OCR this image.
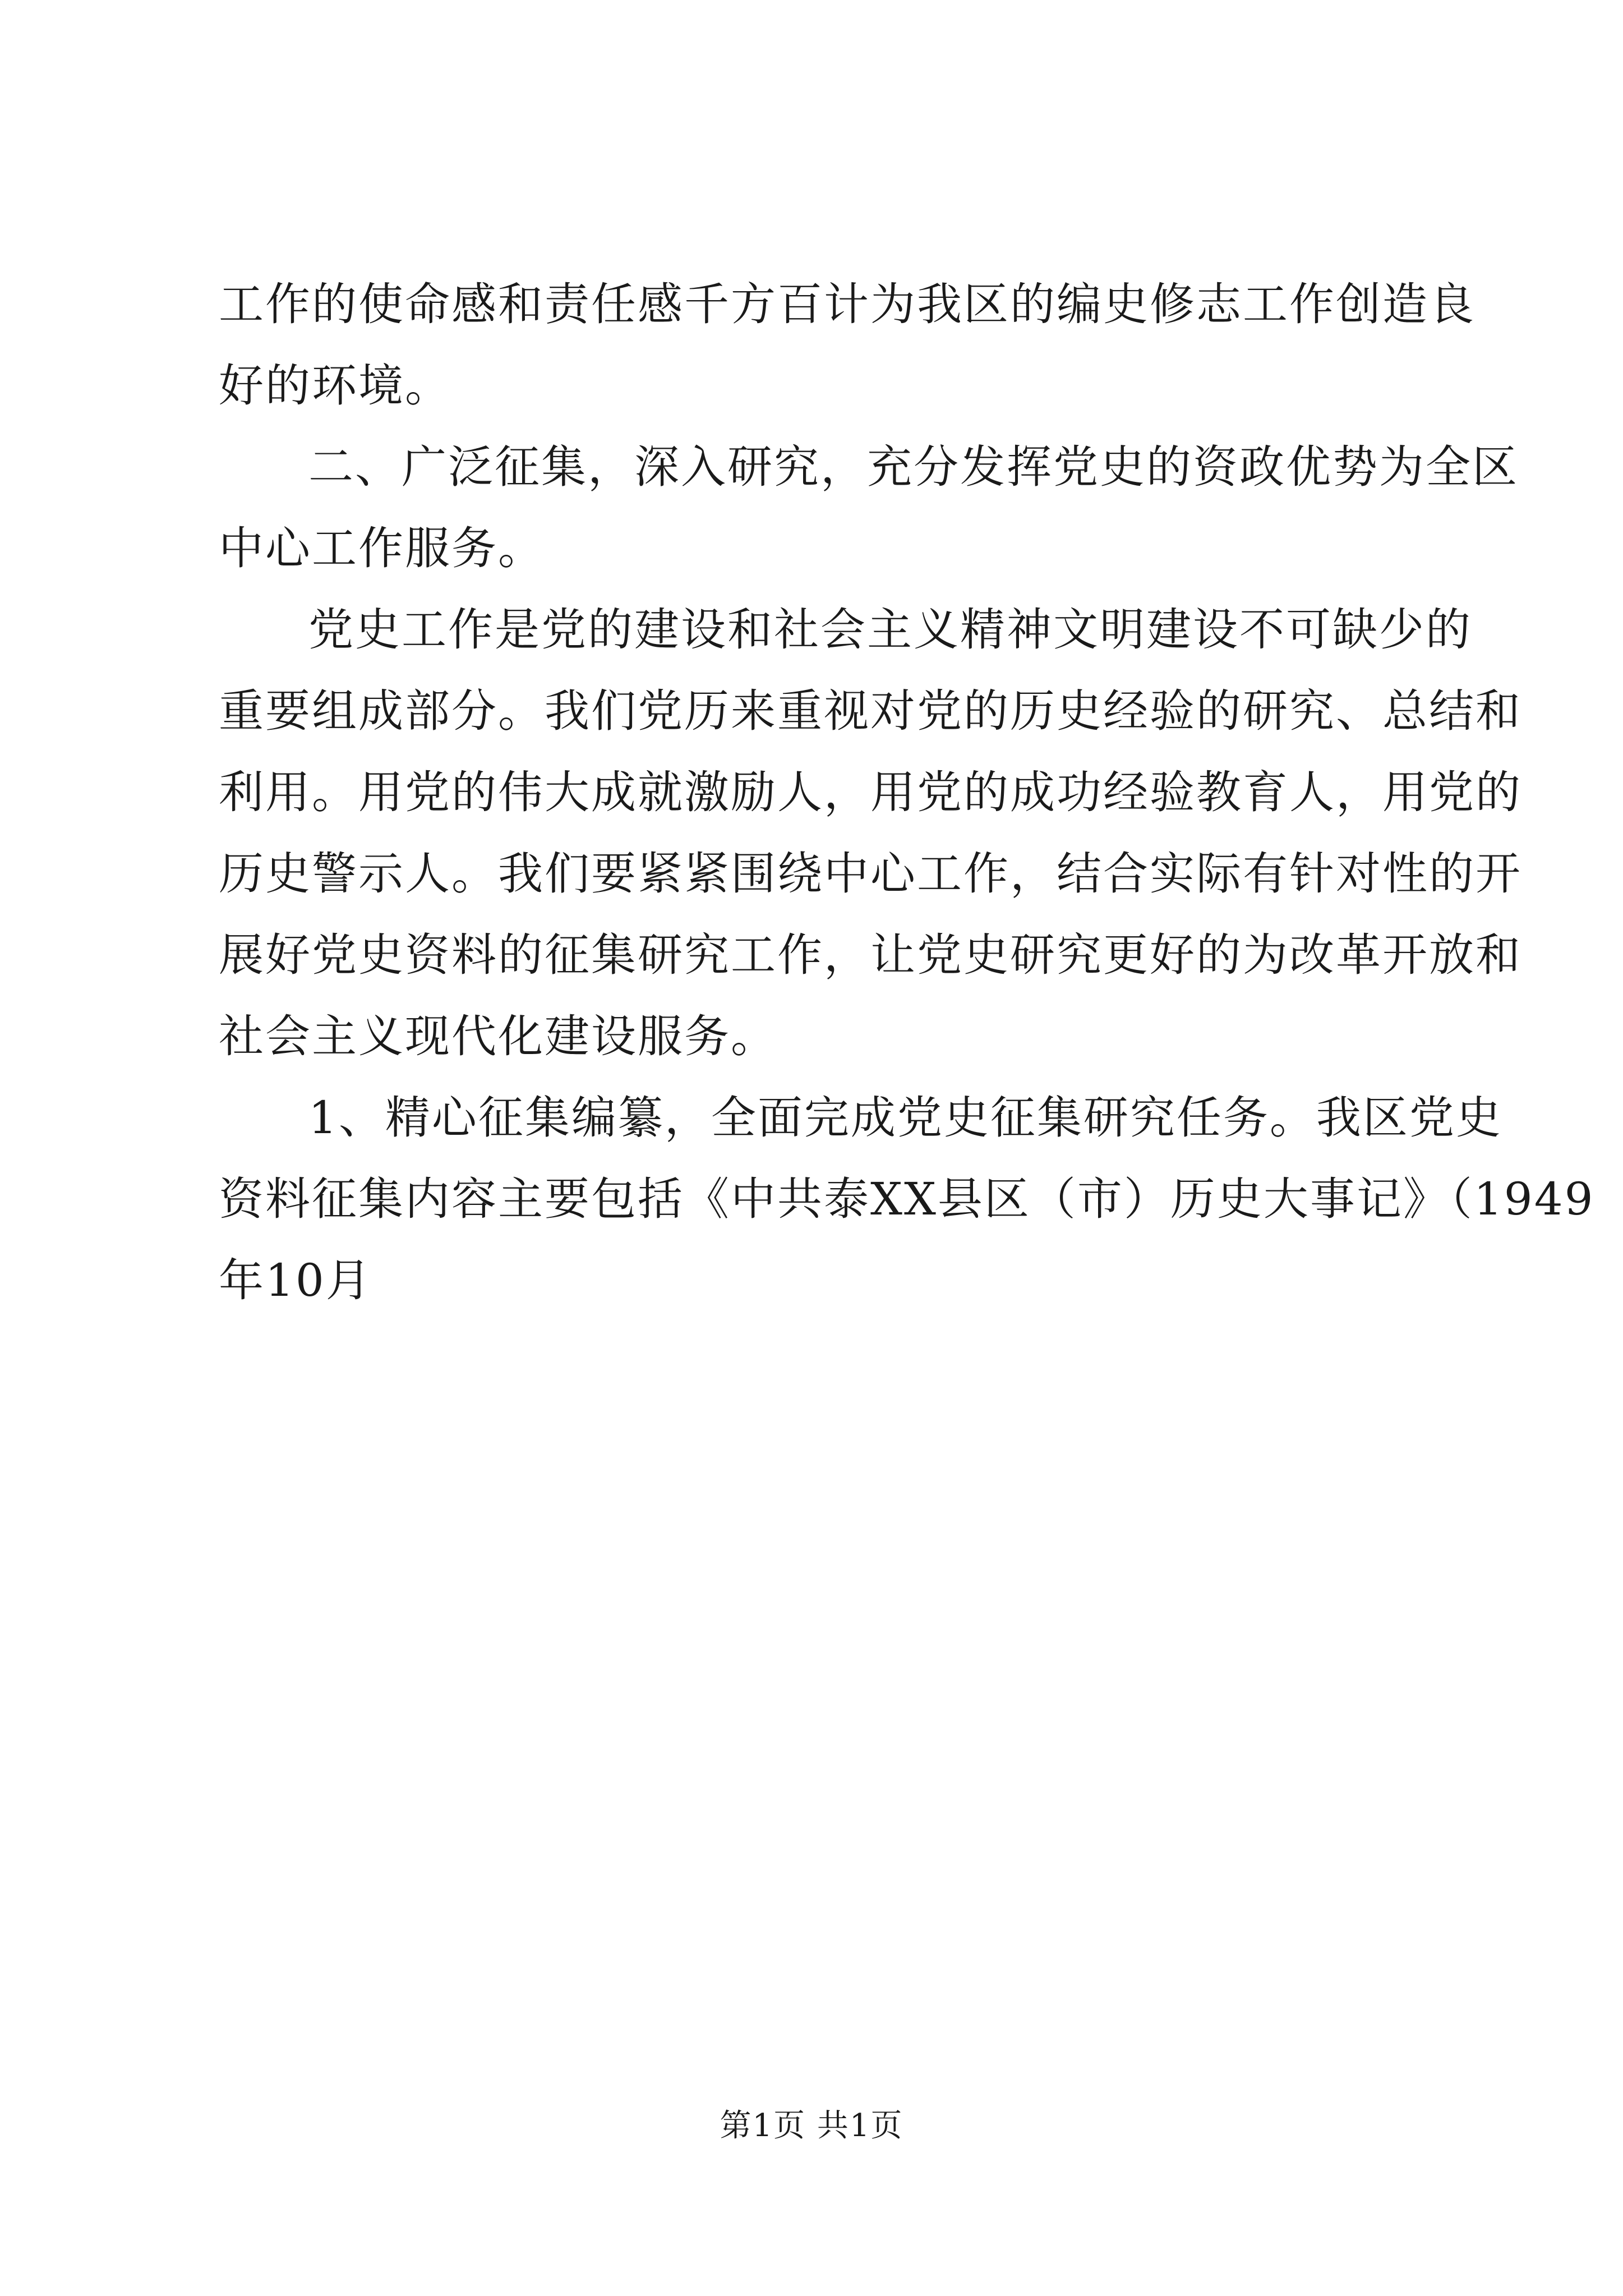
工作的使命感和责任感千方百计为我区的编史修志工作创造良
好的环境。
二、广泛征集，深入研究，充分发挥党史的资政优势为全区
中心工作服务。
党史工作是党的建设和社会主义精神文明建设不可缺少的
重要组成部分。我们党历来重视对党的历史经验的研究、总结和
利用。用党的伟大成就激励人，用党的成功经验教育人，用党的
历史警示人。我们要紧紧围绕中心工作，结合实际有针对性的开
展好党史资料的征集研究工作，让党史研究更好的为改革开放和
社会主义现代化建设服务。
1、精心征集编纂，全面完成党史征集研究任务。我区党史
资料征集内容主要包括《中共泰XX县区（市）历史大事记》（1949
年10月
第1页 共1页
